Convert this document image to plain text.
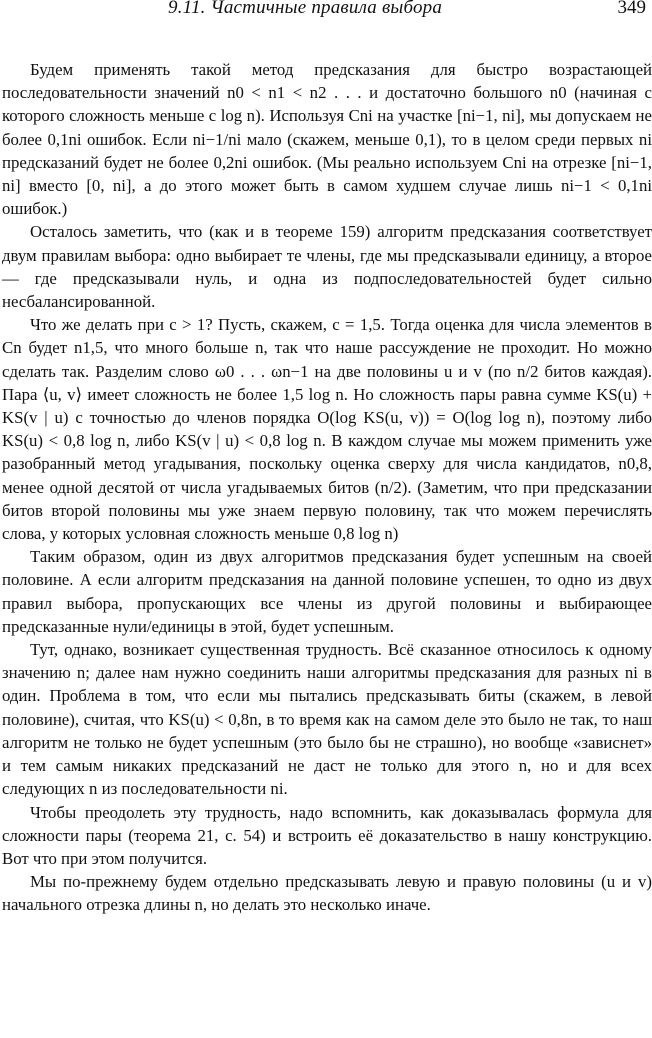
9.11. Частичные правила выбора	349

Будем применять такой метод предсказания для быстро возрастающей последовательности значений n0 < n1 < n2 . . . и достаточно большого n0 (начиная с которого сложность меньше c log n). Используя Cni на участке [ni−1, ni], мы допускаем не более 0,1ni ошибок. Если ni−1/ni мало (скажем, меньше 0,1), то в целом среди первых ni предсказаний будет не более 0,2ni ошибок. (Мы реально используем Cni на отрезке [ni−1, ni] вместо [0, ni], а до этого может быть в самом худшем случае лишь ni−1 < 0,1ni ошибок.)

Осталось заметить, что (как и в теореме 159) алгоритм предсказания соответствует двум правилам выбора: одно выбирает те члены, где мы предсказывали единицу, а второе — где предсказывали нуль, и одна из подпоследовательностей будет сильно несбалансированной.

Что же делать при c > 1? Пусть, скажем, c = 1,5. Тогда оценка для числа элементов в Cn будет n1,5, что много больше n, так что наше рассуждение не проходит. Но можно сделать так. Разделим слово ω0 . . . ωn−1 на две половины u и v (по n/2 битов каждая). Пара ⟨u, v⟩ имеет сложность не более 1,5 log n. Но сложность пары равна сумме KS(u) + KS(v | u) с точностью до членов порядка O(log KS(u, v)) = O(log log n), поэтому либо KS(u) < 0,8 log n, либо KS(v | u) < 0,8 log n. В каждом случае мы можем применить уже разобранный метод угадывания, поскольку оценка сверху для числа кандидатов, n0,8, менее одной десятой от числа угадываемых битов (n/2). (Заметим, что при предсказании битов второй половины мы уже знаем первую половину, так что можем перечислять слова, у которых условная сложность меньше 0,8 log n)

Таким образом, один из двух алгоритмов предсказания будет успешным на своей половине. А если алгоритм предсказания на данной половине успешен, то одно из двух правил выбора, пропускающих все члены из другой половины и выбирающее предсказанные нули/единицы в этой, будет успешным.

Тут, однако, возникает существенная трудность. Всё сказанное относилось к одному значению n; далее нам нужно соединить наши алгоритмы предсказания для разных ni в один. Проблема в том, что если мы пытались предсказывать биты (скажем, в левой половине), считая, что KS(u) < 0,8n, в то время как на самом деле это было не так, то наш алгоритм не только не будет успешным (это было бы не страшно), но вообще «зависнет» и тем самым никаких предсказаний не даст не только для этого n, но и для всех следующих n из последовательности ni.

Чтобы преодолеть эту трудность, надо вспомнить, как доказывалась формула для сложности пары (теорема 21, с. 54) и встроить её доказательство в нашу конструкцию. Вот что при этом получится.

Мы по-прежнему будем отдельно предсказывать левую и правую половины (u и v) начального отрезка длины n, но делать это несколько иначе.
